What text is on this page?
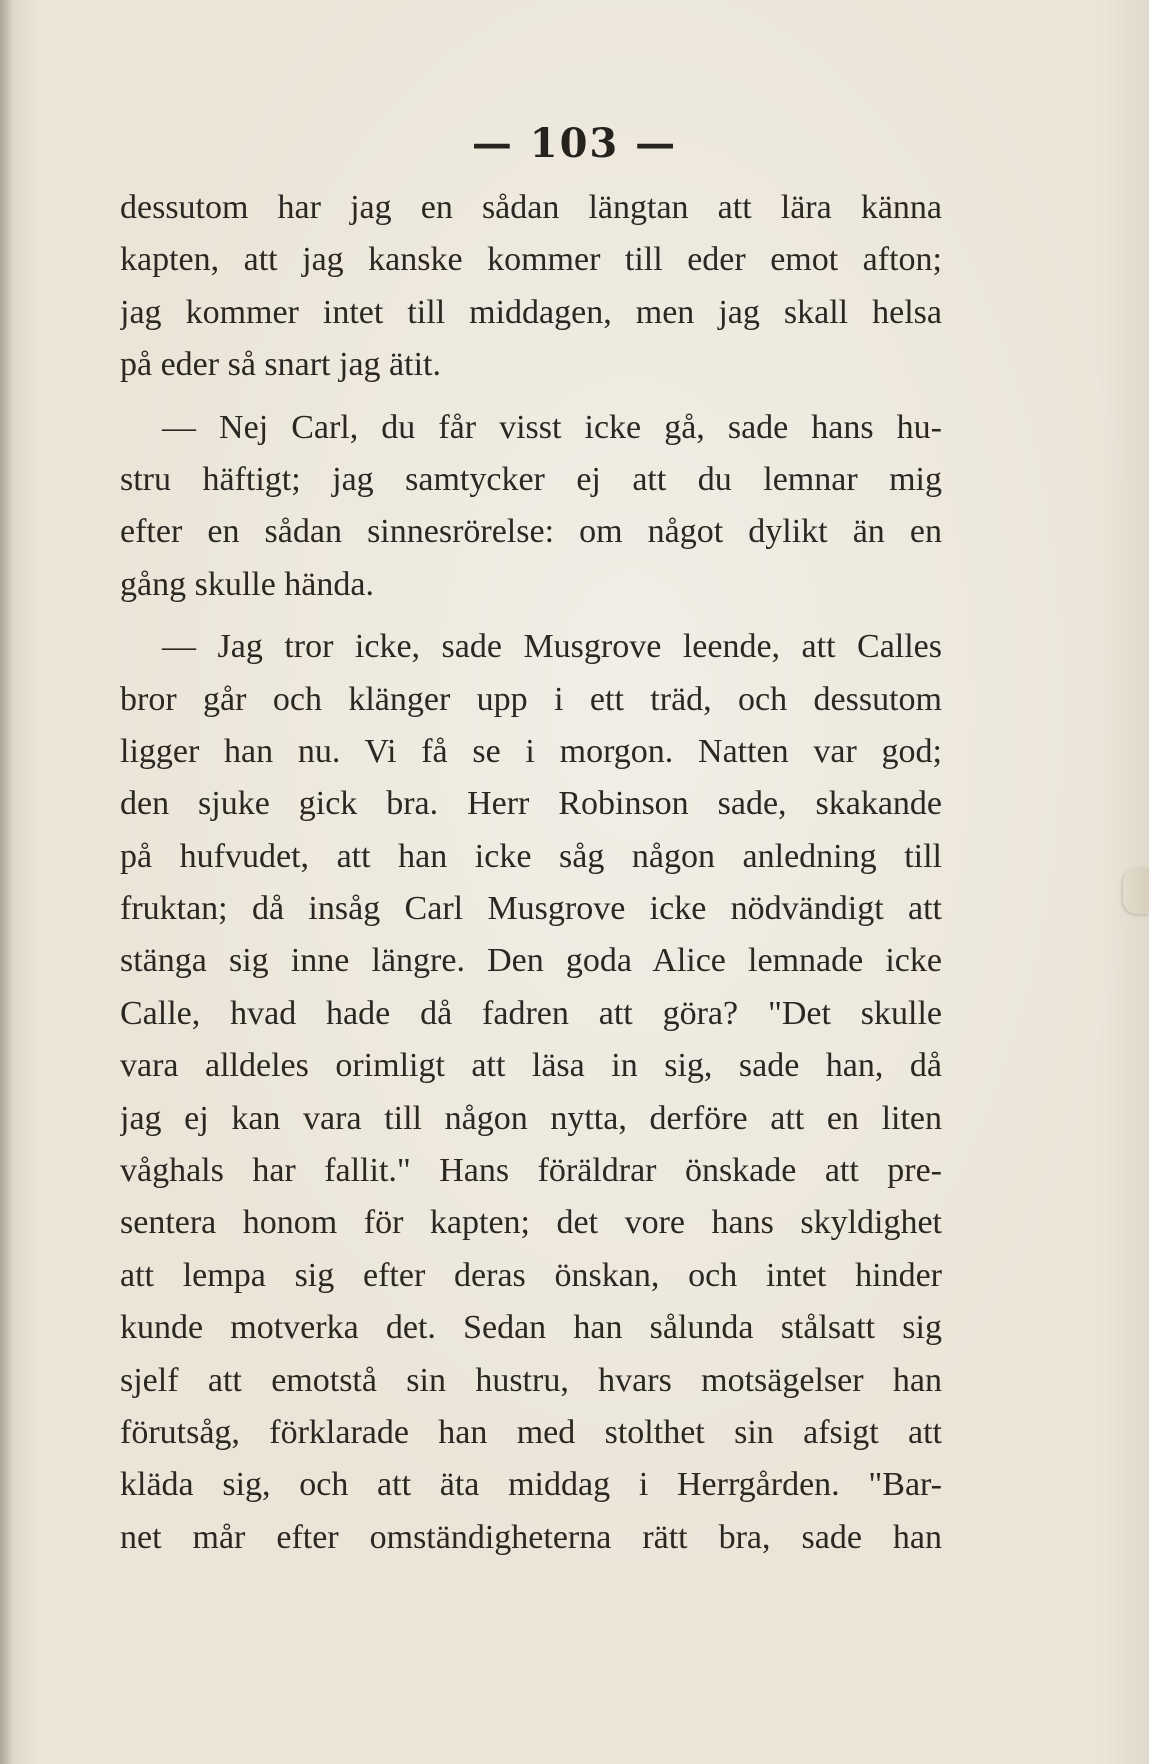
— 103 —
dessutom har jag en sådan längtan att lära känna
kapten, att jag kanske kommer till eder emot afton;
jag kommer intet till middagen, men jag skall helsa
på eder så snart jag ätit.
— Nej Carl, du får visst icke gå, sade hans hu-
stru häftigt; jag samtycker ej att du lemnar mig
efter en sådan sinnesrörelse: om något dylikt än en
gång skulle hända.
— Jag tror icke, sade Musgrove leende, att Calles
bror går och klänger upp i ett träd, och dessutom
ligger han nu. Vi få se i morgon. Natten var god;
den sjuke gick bra. Herr Robinson sade, skakande
på hufvudet, att han icke såg någon anledning till
fruktan; då insåg Carl Musgrove icke nödvändigt att
stänga sig inne längre. Den goda Alice lemnade icke
Calle, hvad hade då fadren att göra? "Det skulle
vara alldeles orimligt att läsa in sig, sade han, då
jag ej kan vara till någon nytta, derföre att en liten
våghals har fallit." Hans föräldrar önskade att pre-
sentera honom för kapten; det vore hans skyldighet
att lempa sig efter deras önskan, och intet hinder
kunde motverka det. Sedan han sålunda stålsatt sig
sjelf att emotstå sin hustru, hvars motsägelser han
förutsåg, förklarade han med stolthet sin afsigt att
kläda sig, och att äta middag i Herrgården. "Bar-
net mår efter omständigheterna rätt bra, sade han
